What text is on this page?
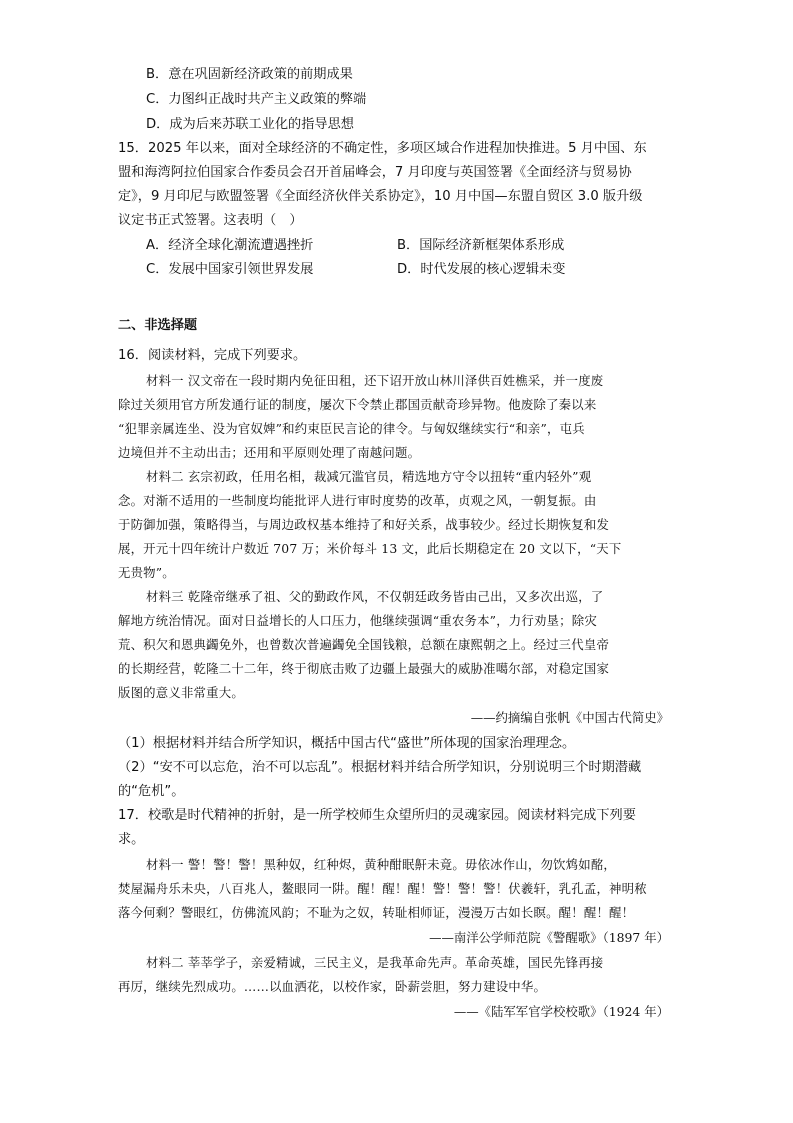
B．意在巩固新经济政策的前期成果
C．力图纠正战时共产主义政策的弊端
D．成为后来苏联工业化的指导思想
15．2025 年以来，面对全球经济的不确定性，多项区域合作进程加快推进。5 月中国、东
盟和海湾阿拉伯国家合作委员会召开首届峰会，7 月印度与英国签署《全面经济与贸易协
定》，9 月印尼与欧盟签署《全面经济伙伴关系协定》，10 月中国—东盟自贸区 3.0 版升级
议定书正式签署。这表明（　）
A．经济全球化潮流遭遇挫折	B．国际经济新框架体系形成
C．发展中国家引领世界发展	D．时代发展的核心逻辑未变
二、非选择题
16．阅读材料，完成下列要求。
材料一 汉文帝在一段时期内免征田租，还下诏开放山林川泽供百姓樵采，并一度废
除过关须用官方所发通行证的制度，屡次下令禁止郡国贡献奇珍异物。他废除了秦以来
“犯罪亲属连坐、没为官奴婢”和约束臣民言论的律令。与匈奴继续实行“和亲”，屯兵
边境但并不主动出击；还用和平原则处理了南越问题。
材料二 玄宗初政，任用名相，裁减冗滥官员，精选地方守令以扭转“重内轻外”观
念。对渐不适用的一些制度均能批评人进行审时度势的改革，贞观之风，一朝复振。由
于防御加强，策略得当，与周边政权基本维持了和好关系，战事较少。经过长期恢复和发
展，开元十四年统计户数近 707 万；米价每斗 13 文，此后长期稳定在 20 文以下，“天下
无贵物”。
材料三 乾隆帝继承了祖、父的勤政作风，不仅朝廷政务皆由己出，又多次出巡，了
解地方统治情况。面对日益增长的人口压力，他继续强调“重农务本”，力行劝垦；除灾
荒、积欠和恩典蠲免外，也曾数次普遍蠲免全国钱粮，总额在康熙朝之上。经过三代皇帝
的长期经营，乾隆二十二年，终于彻底击败了边疆上最强大的威胁准噶尔部，对稳定国家
版图的意义非常重大。
——约摘编自张帆《中国古代简史》
（1）根据材料并结合所学知识，概括中国古代“盛世”所体现的国家治理理念。
（2）“安不可以忘危，治不可以忘乱”。根据材料并结合所学知识，分别说明三个时期潜藏
的“危机”。
17．校歌是时代精神的折射，是一所学校师生众望所归的灵魂家园。阅读材料完成下列要
求。
材料一 警！警！警！黑种奴，红种烬，黄种酣眠鼾未竟。毋依冰作山，勿饮鸩如酩，
焚屋漏舟乐未央，八百兆人，鳌眼同一阱。醒！醒！醒！警！警！警！伏羲轩，乳孔孟，神明秾
落今何剩？警眼红，仿佛流风韵；不耻为之奴，转耻相师证，漫漫万古如长瞑。醒！醒！醒！
——南洋公学师范院《警醒歌》（1897 年）
材料二 莘莘学子，亲爱精诚，三民主义，是我革命先声。革命英雄，国民先锋再接
再厉，继续先烈成功。……以血洒花，以校作家，卧薪尝胆，努力建设中华。
——《陆军军官学校校歌》（1924 年）
